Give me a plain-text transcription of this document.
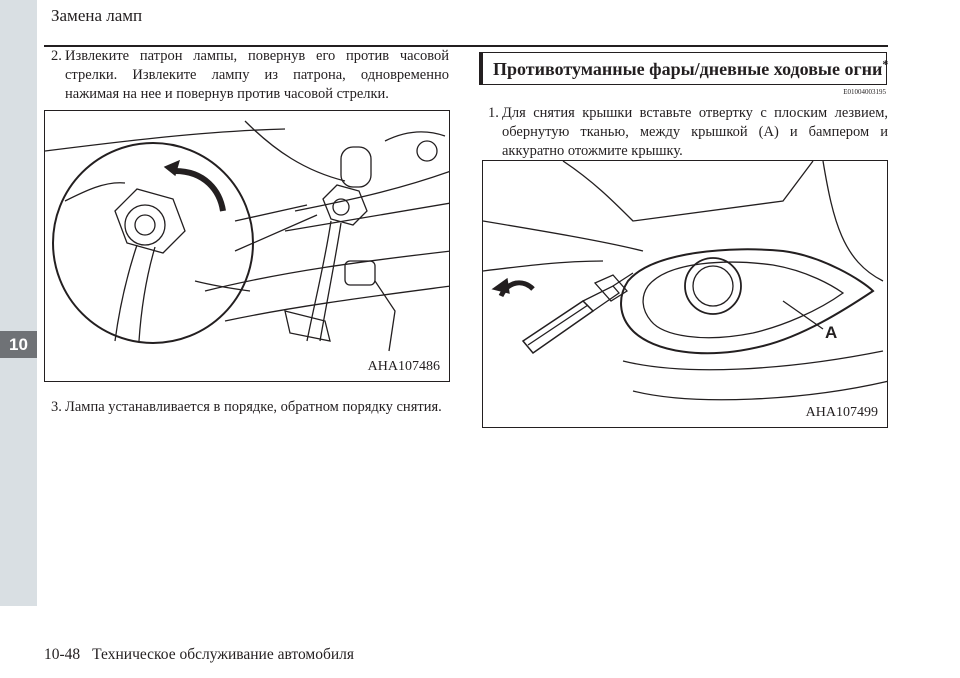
10
Замена ламп
2. Извлеките патрон лампы, повернув его против часовой стрелки. Извлеките лампу из патрона, одновременно нажимая на нее и повернув против часовой стрелки.
AHA107486
3. Лампа устанавливается в порядке, обратном порядку снятия.
Противотуманные фары/дневные ходовые огни*
E01004003195
1. Для снятия крышки вставьте отвертку с плоским лезвием, обернутую тканью, между крышкой (A) и бампером и аккуратно отожмите крышку.
A
AHA107499
10-48 Техническое обслуживание автомобиля
